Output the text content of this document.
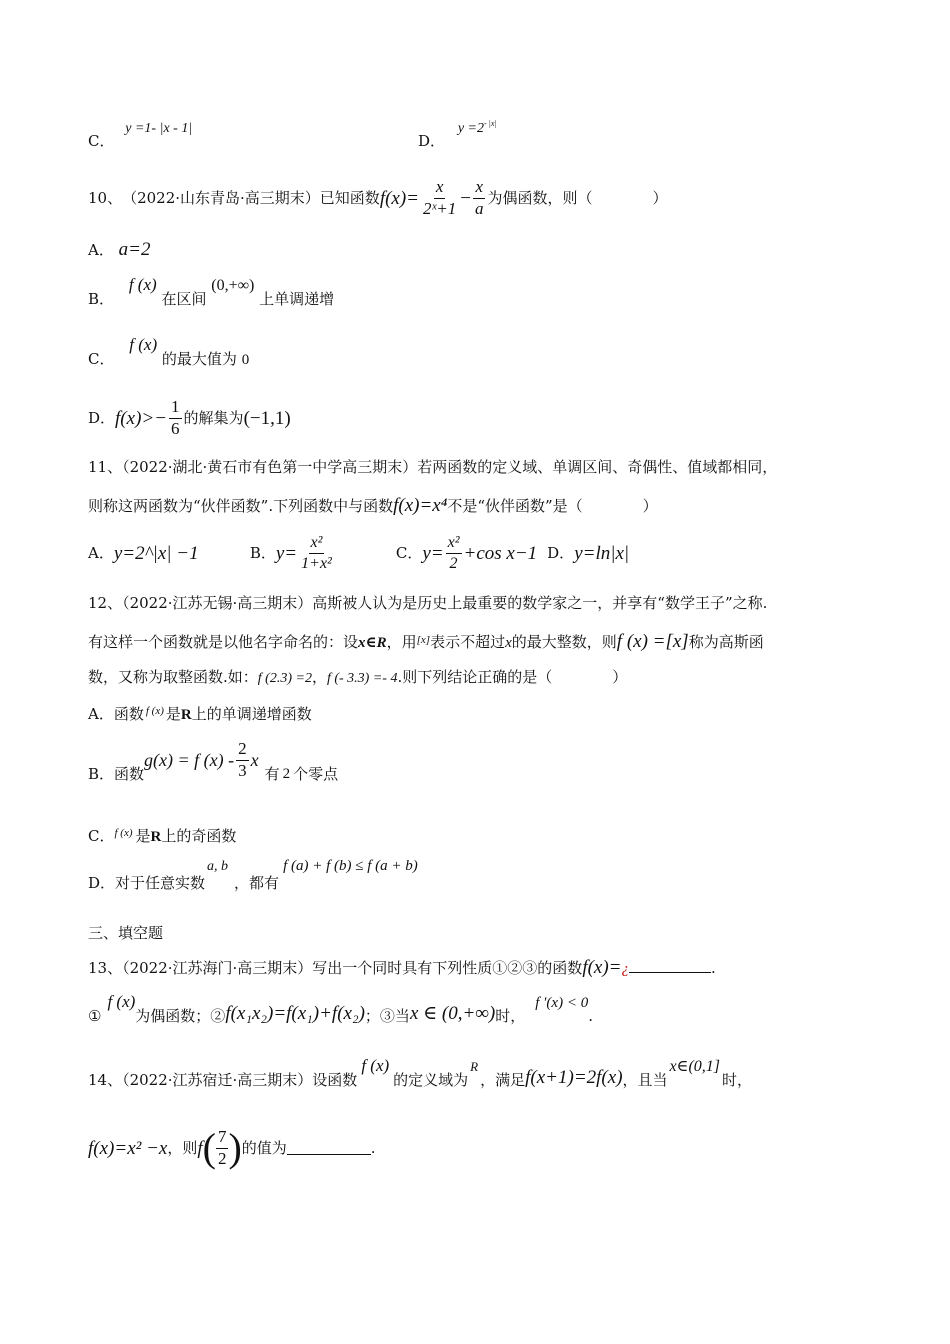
C． y =1- |x - 1|
D． $y =2^{- |x|}$
10、 （2022·山东青岛·高三期末）已知函数 $f(x)= \frac{x}{\text{2ˣ+1}} - \frac{x}{a}$ 为偶函数，则（　　　　）
A． a=2
B． f (x) 在区间 (0,+∞) 上单调递增
C． f (x) 的最大值为 0
D． $f(x)>- \frac{1}{6}$ 的解集为 (−1,1)
11、（2022·湖北·黄石市有色第一中学高三期末）若两函数的定义域、单调区间、奇偶性、值域都相同，
则称这两函数为“伙伴函数”.下列函数中与函数f(x)=x⁴不是“伙伴函数”是（　　　　）
A． y=2^|x| −1	B． $y= \frac{\text{x²}}{\text{1+x²}}$	C． $y= \frac{\text{x²}}{2} +\cos$ x−1 D． y=ln|x|
12、（2022·江苏无锡·高三期末）高斯被人认为是历史上最重要的数学家之一，并享有“数学王子”之称.
有这样一个函数就是以他名字命名的：设x∈R，用[x]表示不超过x的最大整数，则f (x) =[x]称为高斯函
数，又称为取整函数.如：f (2.3) =2，f (- 3.3) =- 4.则下列结论正确的是（　　　　）
A．函数 $^{f (x)}$ 是R上的单调递增函数
B． 函数
g(x) = f $(x) - \frac{2}{3}$ x
有 2 个零点
C．$^{f (x)}$ 是R上的奇函数
D．对于任意实数a, b，都有f (a) + f (b) ≤ f (a + b)
三、填空题
13、（2022·江苏海门·高三期末）写出一个同时具有下列性质①②③的函数f(x)=¿	.
①f (x)为偶函数；②f(x₁x₂)=f(x₁)+f(x₂)；③当x ∈ (0,+∞)时，f ′(x) < 0.
14、（2022·江苏宿迁·高三期末）设函数f (x)的定义域为R，满足f(x+1)=2f(x)，且当x∈(0,1]时，
f(x)=x² −x ，则 f ( $\frac{7}{2}$ ) 的值为	.
